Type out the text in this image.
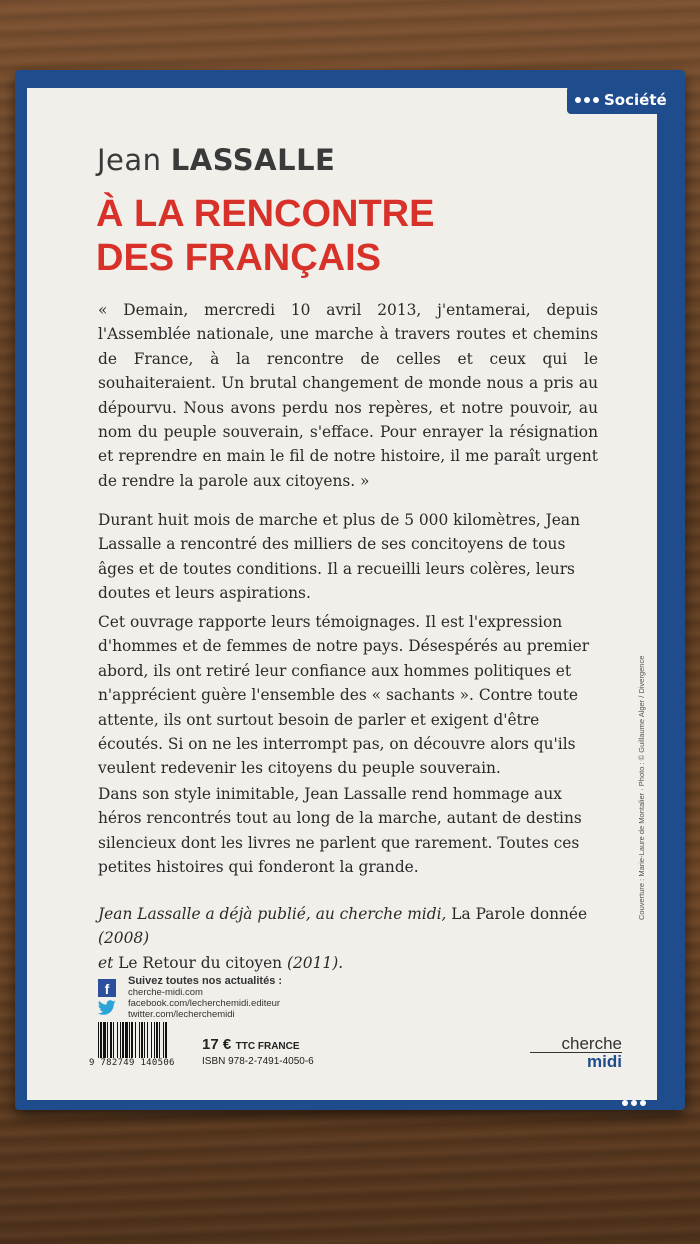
Société
Jean LASSALLE
À LA RENCONTRE
DES FRANÇAIS
« Demain, mercredi 10 avril 2013, j'entamerai, depuis l'Assemblée nationale, une marche à travers routes et chemins de France, à la rencontre de celles et ceux qui le souhaiteraient. Un brutal changement de monde nous a pris au dépourvu. Nous avons perdu nos repères, et notre pouvoir, au nom du peuple souverain, s'efface. Pour enrayer la résignation et reprendre en main le fil de notre histoire, il me paraît urgent de rendre la parole aux citoyens. »
Durant huit mois de marche et plus de 5 000 kilomètres, Jean Lassalle a rencontré des milliers de ses concitoyens de tous âges et de toutes conditions. Il a recueilli leurs colères, leurs doutes et leurs aspirations.
Cet ouvrage rapporte leurs témoignages. Il est l'expression d'hommes et de femmes de notre pays. Désespérés au premier abord, ils ont retiré leur confiance aux hommes politiques et n'apprécient guère l'ensemble des « sachants ». Contre toute attente, ils ont surtout besoin de parler et exigent d'être écoutés. Si on ne les interrompt pas, on découvre alors qu'ils veulent redevenir les citoyens du peuple souverain.
Dans son style inimitable, Jean Lassalle rend hommage aux héros rencontrés tout au long de la marche, autant de destins silencieux dont les livres ne parlent que rarement. Toutes ces petites histoires qui fonderont la grande.
Jean Lassalle a déjà publié, au cherche midi, La Parole donnée (2008)
et Le Retour du citoyen (2011).
f	Suivez toutes nos actualités :
cherche-midi.com
facebook.com/lecherchemidi.editeur
twitter.com/lecherchemidi
9 782749 140506
17 € TTC FRANCE
ISBN 978-2-7491-4050-6
cherche
midi
Couverture : Marie-Laure de Montalier · Photo : © Guillaume Alger / Divergence
